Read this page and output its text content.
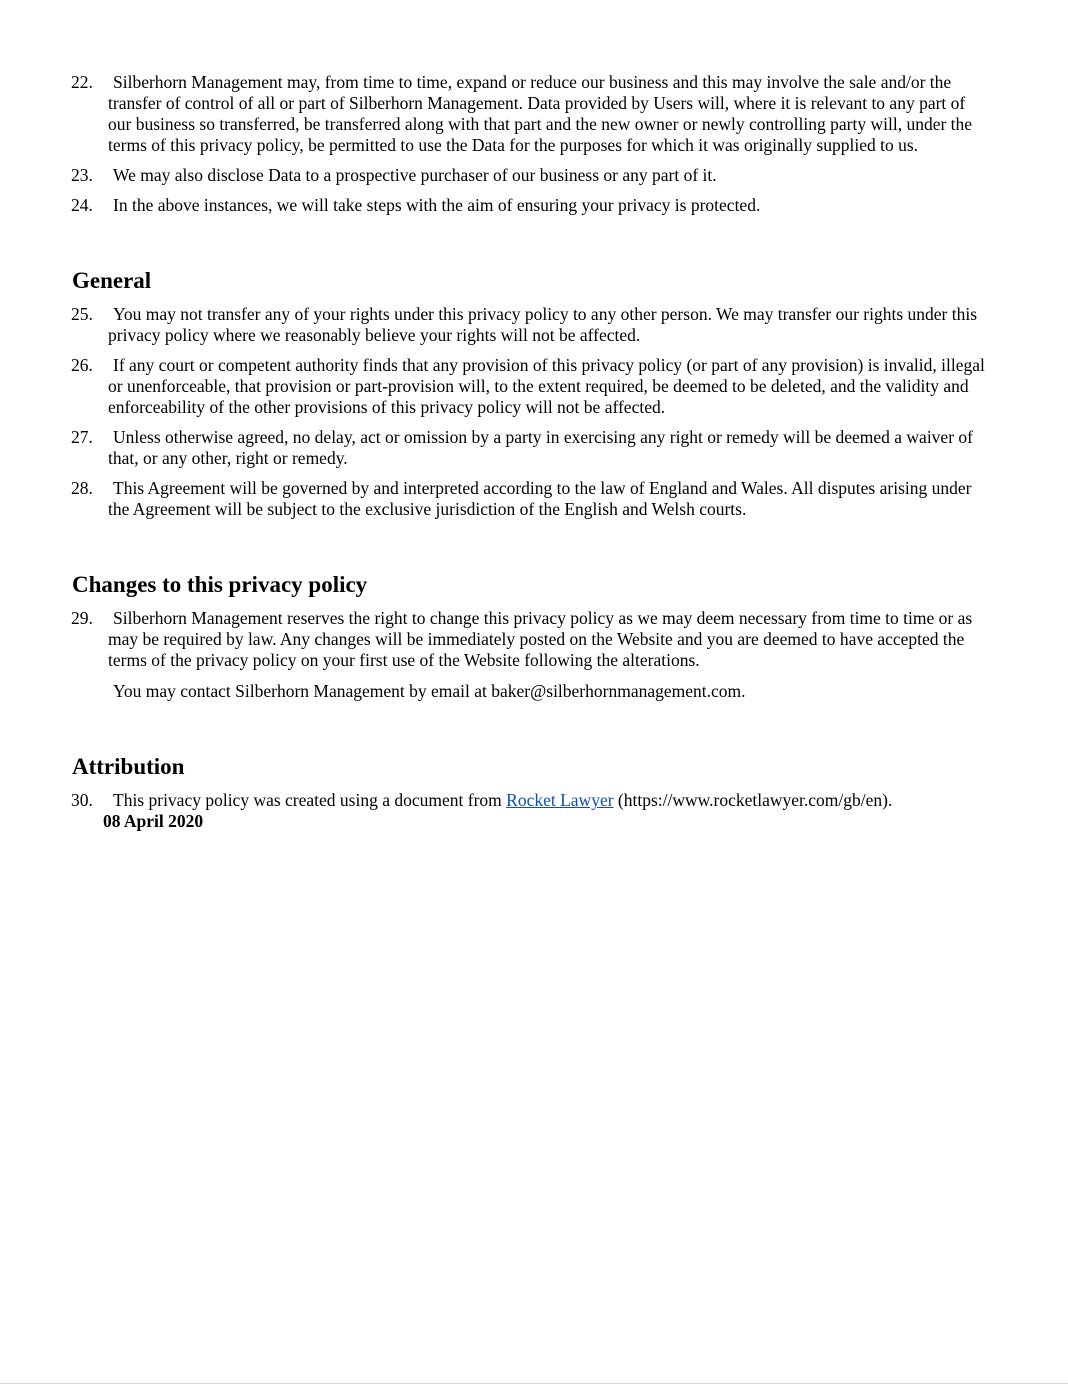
22.	Silberhorn Management may, from time to time, expand or reduce our business and this may involve the sale and/or the transfer of control of all or part of Silberhorn Management. Data provided by Users will, where it is relevant to any part of our business so transferred, be transferred along with that part and the new owner or newly controlling party will, under the terms of this privacy policy, be permitted to use the Data for the purposes for which it was originally supplied to us.
23.	We may also disclose Data to a prospective purchaser of our business or any part of it.
24.	In the above instances, we will take steps with the aim of ensuring your privacy is protected.
General
25.	You may not transfer any of your rights under this privacy policy to any other person. We may transfer our rights under this privacy policy where we reasonably believe your rights will not be affected.
26.	If any court or competent authority finds that any provision of this privacy policy (or part of any provision) is invalid, illegal or unenforceable, that provision or part-provision will, to the extent required, be deemed to be deleted, and the validity and enforceability of the other provisions of this privacy policy will not be affected.
27.	Unless otherwise agreed, no delay, act or omission by a party in exercising any right or remedy will be deemed a waiver of that, or any other, right or remedy.
28.	This Agreement will be governed by and interpreted according to the law of England and Wales. All disputes arising under the Agreement will be subject to the exclusive jurisdiction of the English and Welsh courts.
Changes to this privacy policy
29.	Silberhorn Management reserves the right to change this privacy policy as we may deem necessary from time to time or as may be required by law. Any changes will be immediately posted on the Website and you are deemed to have accepted the terms of the privacy policy on your first use of the Website following the alterations.
You may contact Silberhorn Management by email at baker@silberhornmanagement.com.
Attribution
30.	This privacy policy was created using a document from Rocket Lawyer (https://www.rocketlawyer.com/gb/en).
08 April 2020
